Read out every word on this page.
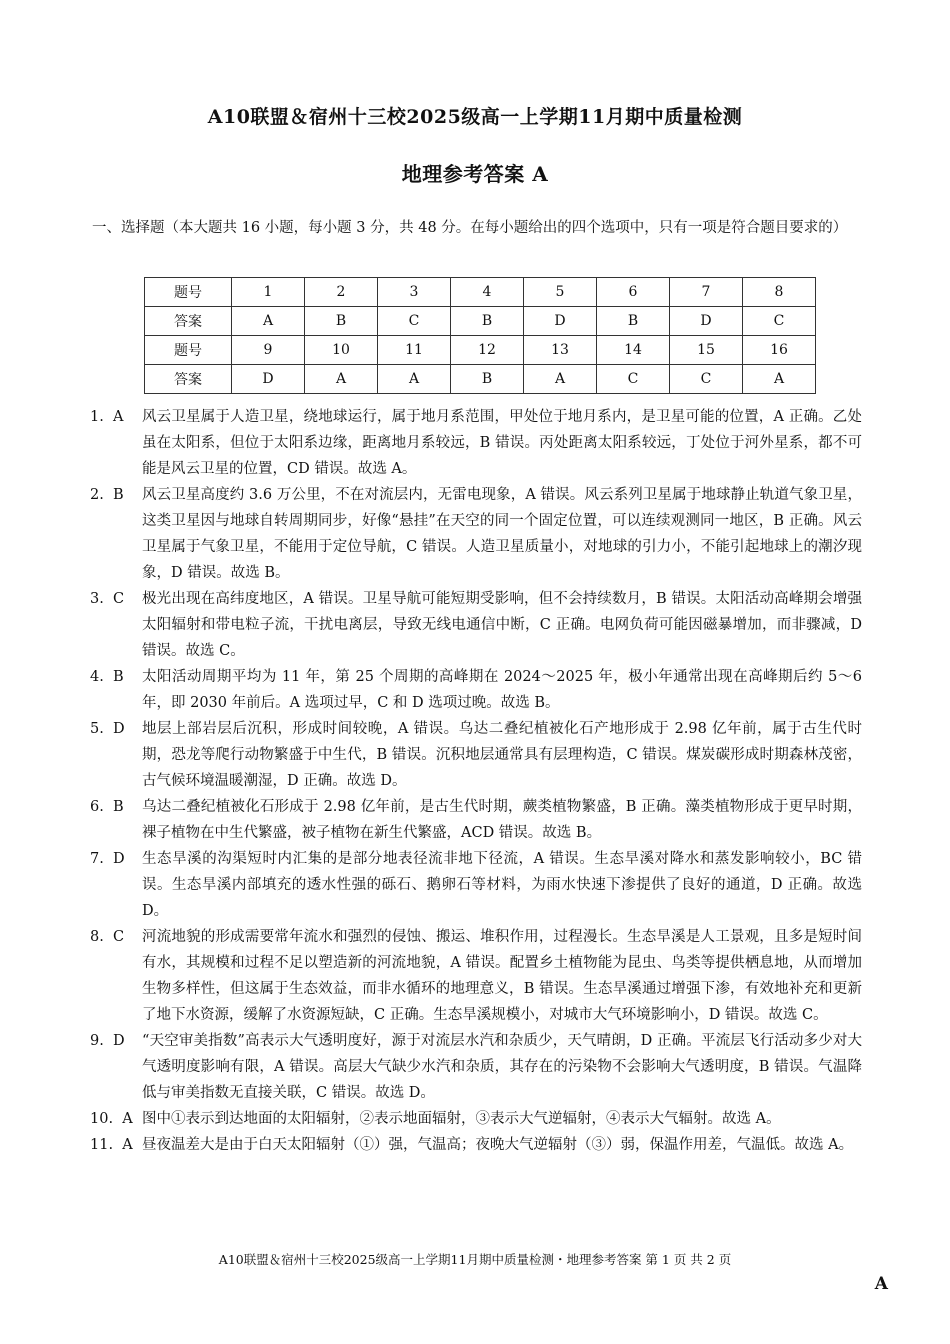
A10联盟＆宿州十三校2025级高一上学期11月期中质量检测
地理参考答案 A
一、选择题（本大题共 16 小题，每小题 3 分，共 48 分。在每小题给出的四个选项中，只有一项是符合题目要求的）
题号	1	2	3	4	5	6	7	8
答案	A	B	C	B	D	B	D	C
题号	9	10	11	12	13	14	15	16
答案	D	A	A	B	A	C	C	A
1.  A	风云卫星属于人造卫星，绕地球运行，属于地月系范围，甲处位于地月系内，是卫星可能的位置，A 正确。乙处虽在太阳系，但位于太阳系边缘，距离地月系较远，B 错误。丙处距离太阳系较远，丁处位于河外星系，都不可能是风云卫星的位置，CD 错误。故选 A。
2.  B	风云卫星高度约 3.6 万公里，不在对流层内，无雷电现象，A 错误。风云系列卫星属于地球静止轨道气象卫星，这类卫星因与地球自转周期同步，好像“悬挂”在天空的同一个固定位置，可以连续观测同一地区，B 正确。风云卫星属于气象卫星，不能用于定位导航，C 错误。人造卫星质量小，对地球的引力小，不能引起地球上的潮汐现象，D 错误。故选 B。
3.  C	极光出现在高纬度地区，A 错误。卫星导航可能短期受影响，但不会持续数月，B 错误。太阳活动高峰期会增强太阳辐射和带电粒子流，干扰电离层，导致无线电通信中断，C 正确。电网负荷可能因磁暴增加，而非骤减，D 错误。故选 C。
4.  B	太阳活动周期平均为 11 年，第 25 个周期的高峰期在 2024～2025 年，极小年通常出现在高峰期后约 5～6 年，即 2030 年前后。A 选项过早，C 和 D 选项过晚。故选 B。
5.  D	地层上部岩层后沉积，形成时间较晚，A 错误。乌达二叠纪植被化石产地形成于 2.98 亿年前，属于古生代时期，恐龙等爬行动物繁盛于中生代，B 错误。沉积地层通常具有层理构造，C 错误。煤炭碳形成时期森林茂密，古气候环境温暖潮湿，D 正确。故选 D。
6.  B	乌达二叠纪植被化石形成于 2.98 亿年前，是古生代时期，蕨类植物繁盛，B 正确。藻类植物形成于更早时期，裸子植物在中生代繁盛，被子植物在新生代繁盛，ACD 错误。故选 B。
7.  D	生态旱溪的沟渠短时内汇集的是部分地表径流非地下径流，A 错误。生态旱溪对降水和蒸发影响较小，BC 错误。生态旱溪内部填充的透水性强的砾石、鹅卵石等材料，为雨水快速下渗提供了良好的通道，D 正确。故选 D。
8.  C	河流地貌的形成需要常年流水和强烈的侵蚀、搬运、堆积作用，过程漫长。生态旱溪是人工景观，且多是短时间有水，其规模和过程不足以塑造新的河流地貌，A 错误。配置乡土植物能为昆虫、鸟类等提供栖息地，从而增加生物多样性，但这属于生态效益，而非水循环的地理意义，B 错误。生态旱溪通过增强下渗，有效地补充和更新了地下水资源，缓解了水资源短缺，C 正确。生态旱溪规模小，对城市大气环境影响小，D 错误。故选 C。
9.  D	“天空审美指数”高表示大气透明度好，源于对流层水汽和杂质少，天气晴朗，D 正确。平流层飞行活动多少对大气透明度影响有限，A 错误。高层大气缺少水汽和杂质，其存在的污染物不会影响大气透明度，B 错误。气温降低与审美指数无直接关联，C 错误。故选 D。
10.  A 图中①表示到达地面的太阳辐射，②表示地面辐射，③表示大气逆辐射，④表示大气辐射。故选 A。
11.  A 昼夜温差大是由于白天太阳辐射（①）强，气温高；夜晚大气逆辐射（③）弱，保温作用差，气温低。故选 A。
A10联盟＆宿州十三校2025级高一上学期11月期中质量检测・地理参考答案 第 1 页 共 2 页
A
